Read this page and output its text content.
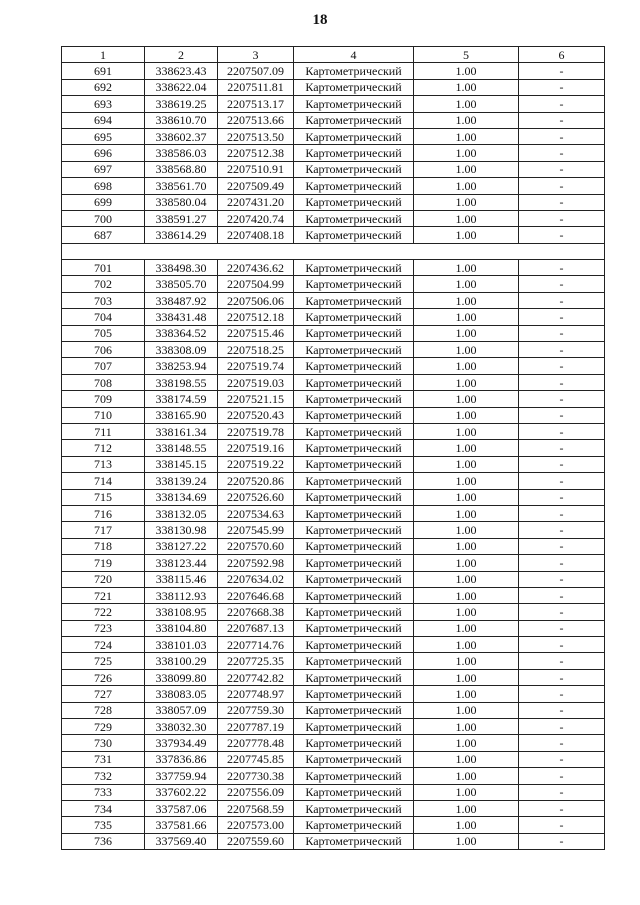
18
1	2	3	4	5	6
691	338623.43	2207507.09	Картометрический	1.00	-
692	338622.04	2207511.81	Картометрический	1.00	-
693	338619.25	2207513.17	Картометрический	1.00	-
694	338610.70	2207513.66	Картометрический	1.00	-
695	338602.37	2207513.50	Картометрический	1.00	-
696	338586.03	2207512.38	Картометрический	1.00	-
697	338568.80	2207510.91	Картометрический	1.00	-
698	338561.70	2207509.49	Картометрический	1.00	-
699	338580.04	2207431.20	Картометрический	1.00	-
700	338591.27	2207420.74	Картометрический	1.00	-
687	338614.29	2207408.18	Картометрический	1.00	-

701	338498.30	2207436.62	Картометрический	1.00	-
702	338505.70	2207504.99	Картометрический	1.00	-
703	338487.92	2207506.06	Картометрический	1.00	-
704	338431.48	2207512.18	Картометрический	1.00	-
705	338364.52	2207515.46	Картометрический	1.00	-
706	338308.09	2207518.25	Картометрический	1.00	-
707	338253.94	2207519.74	Картометрический	1.00	-
708	338198.55	2207519.03	Картометрический	1.00	-
709	338174.59	2207521.15	Картометрический	1.00	-
710	338165.90	2207520.43	Картометрический	1.00	-
711	338161.34	2207519.78	Картометрический	1.00	-
712	338148.55	2207519.16	Картометрический	1.00	-
713	338145.15	2207519.22	Картометрический	1.00	-
714	338139.24	2207520.86	Картометрический	1.00	-
715	338134.69	2207526.60	Картометрический	1.00	-
716	338132.05	2207534.63	Картометрический	1.00	-
717	338130.98	2207545.99	Картометрический	1.00	-
718	338127.22	2207570.60	Картометрический	1.00	-
719	338123.44	2207592.98	Картометрический	1.00	-
720	338115.46	2207634.02	Картометрический	1.00	-
721	338112.93	2207646.68	Картометрический	1.00	-
722	338108.95	2207668.38	Картометрический	1.00	-
723	338104.80	2207687.13	Картометрический	1.00	-
724	338101.03	2207714.76	Картометрический	1.00	-
725	338100.29	2207725.35	Картометрический	1.00	-
726	338099.80	2207742.82	Картометрический	1.00	-
727	338083.05	2207748.97	Картометрический	1.00	-
728	338057.09	2207759.30	Картометрический	1.00	-
729	338032.30	2207787.19	Картометрический	1.00	-
730	337934.49	2207778.48	Картометрический	1.00	-
731	337836.86	2207745.85	Картометрический	1.00	-
732	337759.94	2207730.38	Картометрический	1.00	-
733	337602.22	2207556.09	Картометрический	1.00	-
734	337587.06	2207568.59	Картометрический	1.00	-
735	337581.66	2207573.00	Картометрический	1.00	-
736	337569.40	2207559.60	Картометрический	1.00	-
